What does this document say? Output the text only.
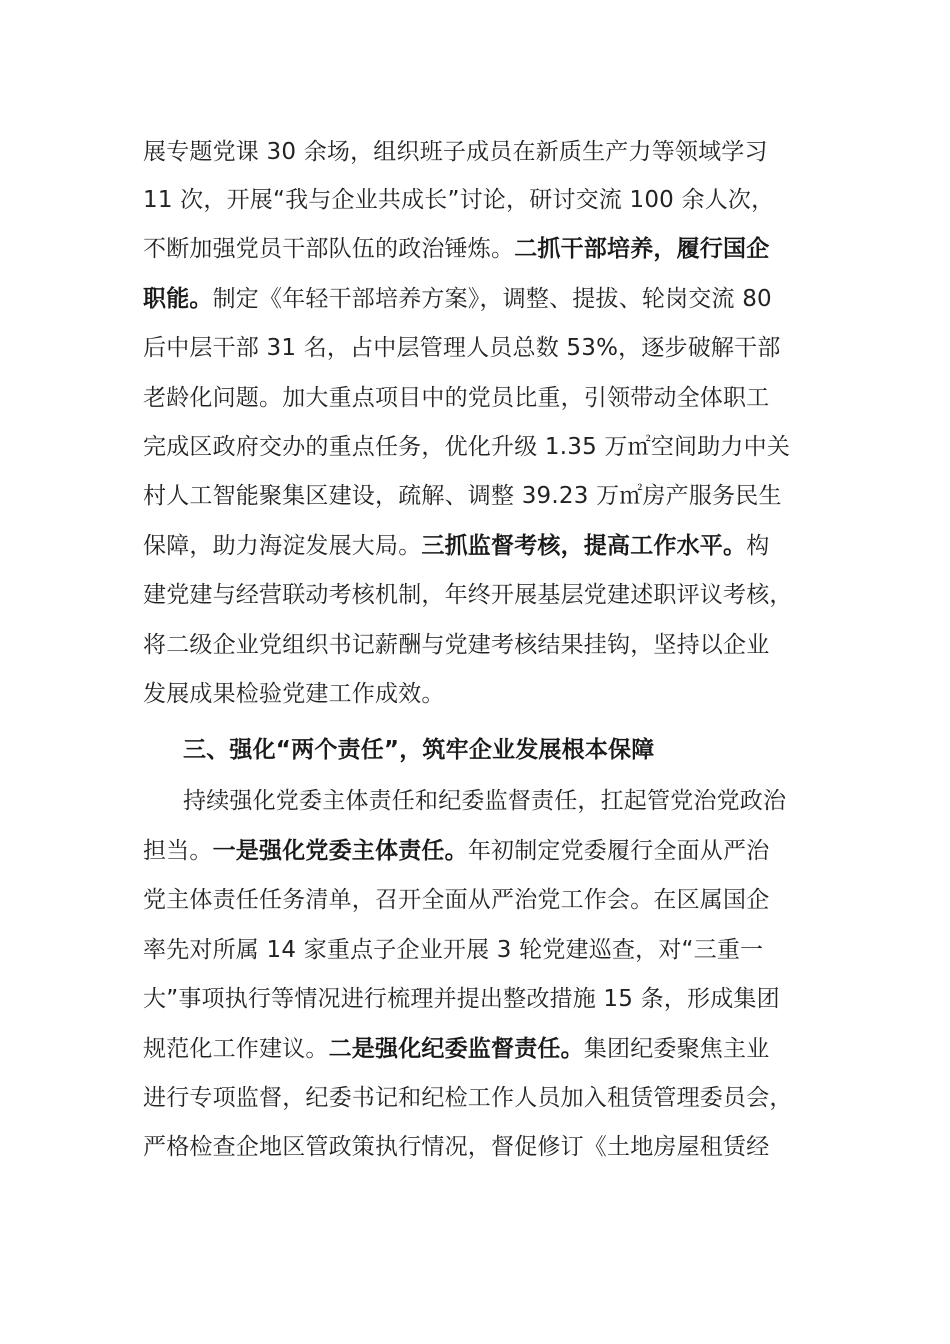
展专题党课 30 余场，组织班子成员在新质生产力等领域学习
11 次，开展“我与企业共成长”讨论，研讨交流 100 余人次，
不断加强党员干部队伍的政治锤炼。二抓干部培养，履行国企
职能。制定《年轻干部培养方案》，调整、提拔、轮岗交流 80
后中层干部 31 名，占中层管理人员总数 53%，逐步破解干部
老龄化问题。加大重点项目中的党员比重，引领带动全体职工
完成区政府交办的重点任务，优化升级 1.35 万㎡空间助力中关
村人工智能聚集区建设，疏解、调整 39.23 万㎡房产服务民生
保障，助力海淀发展大局。三抓监督考核，提高工作水平。构
建党建与经营联动考核机制，年终开展基层党建述职评议考核，
将二级企业党组织书记薪酬与党建考核结果挂钩，坚持以企业
发展成果检验党建工作成效。
三、强化“两个责任”，筑牢企业发展根本保障
持续强化党委主体责任和纪委监督责任，扛起管党治党政治
担当。一是强化党委主体责任。年初制定党委履行全面从严治
党主体责任任务清单，召开全面从严治党工作会。在区属国企
率先对所属 14 家重点子企业开展 3 轮党建巡查，对“三重一
大”事项执行等情况进行梳理并提出整改措施 15 条，形成集团
规范化工作建议。二是强化纪委监督责任。集团纪委聚焦主业
进行专项监督，纪委书记和纪检工作人员加入租赁管理委员会，
严格检查企地区管政策执行情况，督促修订《土地房屋租赁经
